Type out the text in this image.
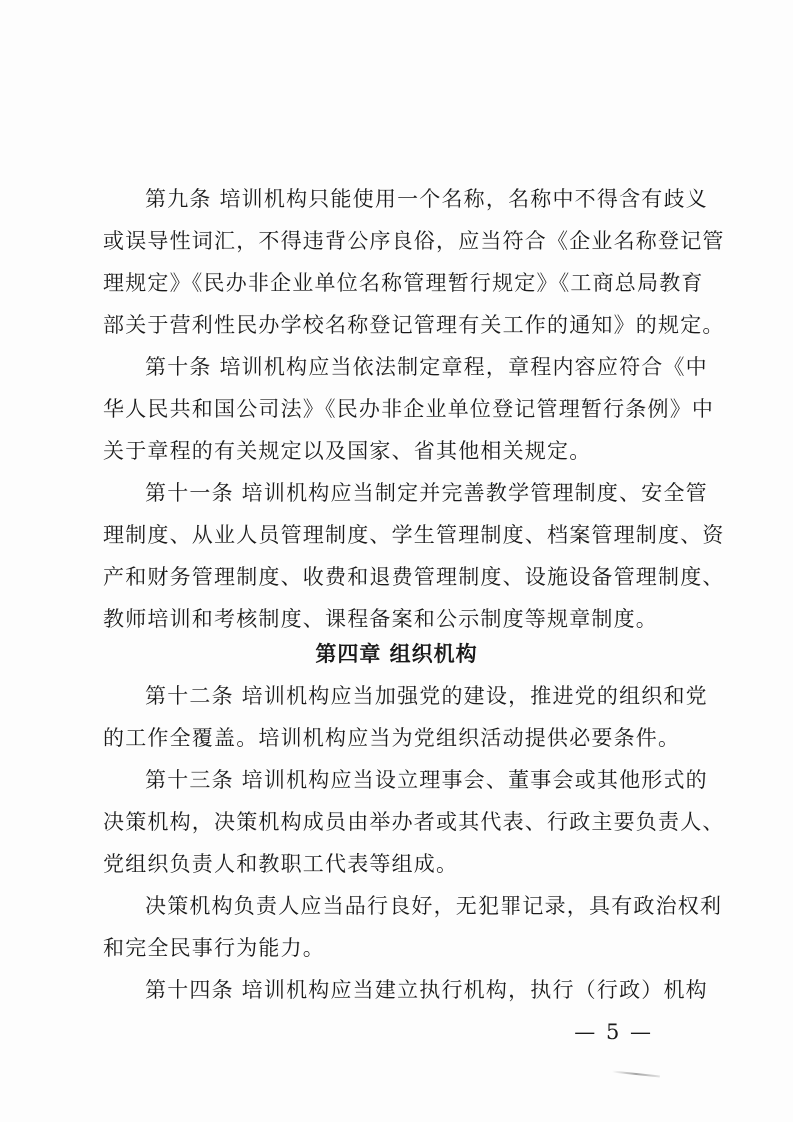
第九条 培训机构只能使用一个名称，名称中不得含有歧义
或误导性词汇，不得违背公序良俗，应当符合《企业名称登记管
理规定》《民办非企业单位名称管理暂行规定》《工商总局教育
部关于营利性民办学校名称登记管理有关工作的通知》的规定。
第十条 培训机构应当依法制定章程，章程内容应符合《中
华人民共和国公司法》《民办非企业单位登记管理暂行条例》中
关于章程的有关规定以及国家、省其他相关规定。
第十一条 培训机构应当制定并完善教学管理制度、安全管
理制度、从业人员管理制度、学生管理制度、档案管理制度、资
产和财务管理制度、收费和退费管理制度、设施设备管理制度、
教师培训和考核制度、课程备案和公示制度等规章制度。
第四章 组织机构
第十二条 培训机构应当加强党的建设，推进党的组织和党
的工作全覆盖。培训机构应当为党组织活动提供必要条件。
第十三条 培训机构应当设立理事会、董事会或其他形式的
决策机构，决策机构成员由举办者或其代表、行政主要负责人、
党组织负责人和教职工代表等组成。
决策机构负责人应当品行良好，无犯罪记录，具有政治权利
和完全民事行为能力。
第十四条 培训机构应当建立执行机构，执行（行政）机构
— 5 —
